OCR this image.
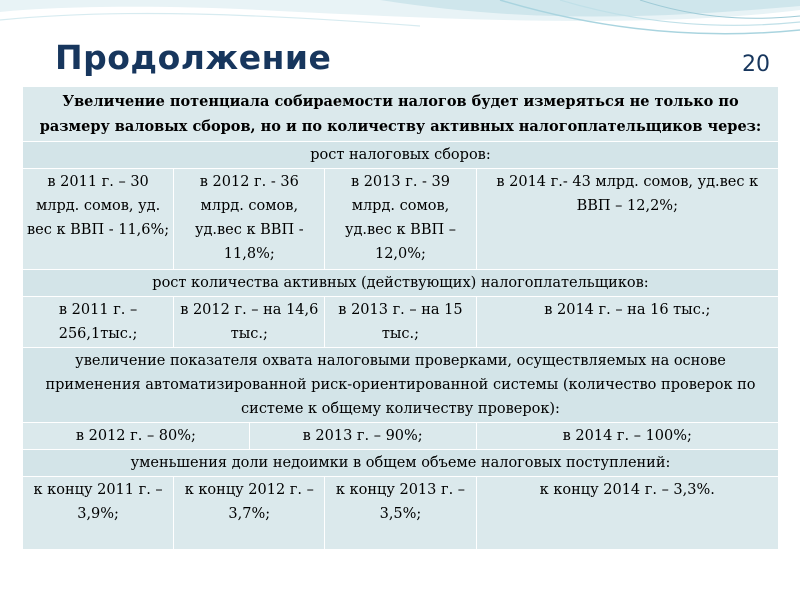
Продолжение	20
Увеличение потенциала собираемости налогов будет измеряться не только по размеру валовых сборов, но и по количеству активных налогоплательщиков через:				
рост налоговых сборов:				
в 2011 г. – 30 млрд. сомов, уд. вес к ВВП - 11,6%;	в 2012 г. - 36 млрд. сомов, уд.вес к ВВП - 11,8%;		в 2013 г. - 39 млрд. сомов, уд.вес к ВВП – 12,0%;	в 2014 г.- 43 млрд. сомов, уд.вес к ВВП – 12,2%;
рост количества активных (действующих) налогоплательщиков:				
в 2011 г. – 256,1тыс.;	в 2012 г. – на 14,6 тыс.;		в 2013 г. – на 15 тыс.;	в 2014 г. – на 16 тыс.;
увеличение показателя охвата налоговыми проверками, осуществляемых на основе применения автоматизированной риск-ориентированной системы (количество проверок по системе к общему количеству проверок):				
в 2012 г. – 80%;		в 2013 г. – 90%;		в 2014 г. – 100%;
уменьшения доли недоимки в общем объеме налоговых поступлений:				
к концу 2011 г. – 3,9%;	к концу 2012 г. – 3,7%;		к концу 2013 г. – 3,5%;	к концу 2014 г. – 3,3%.
